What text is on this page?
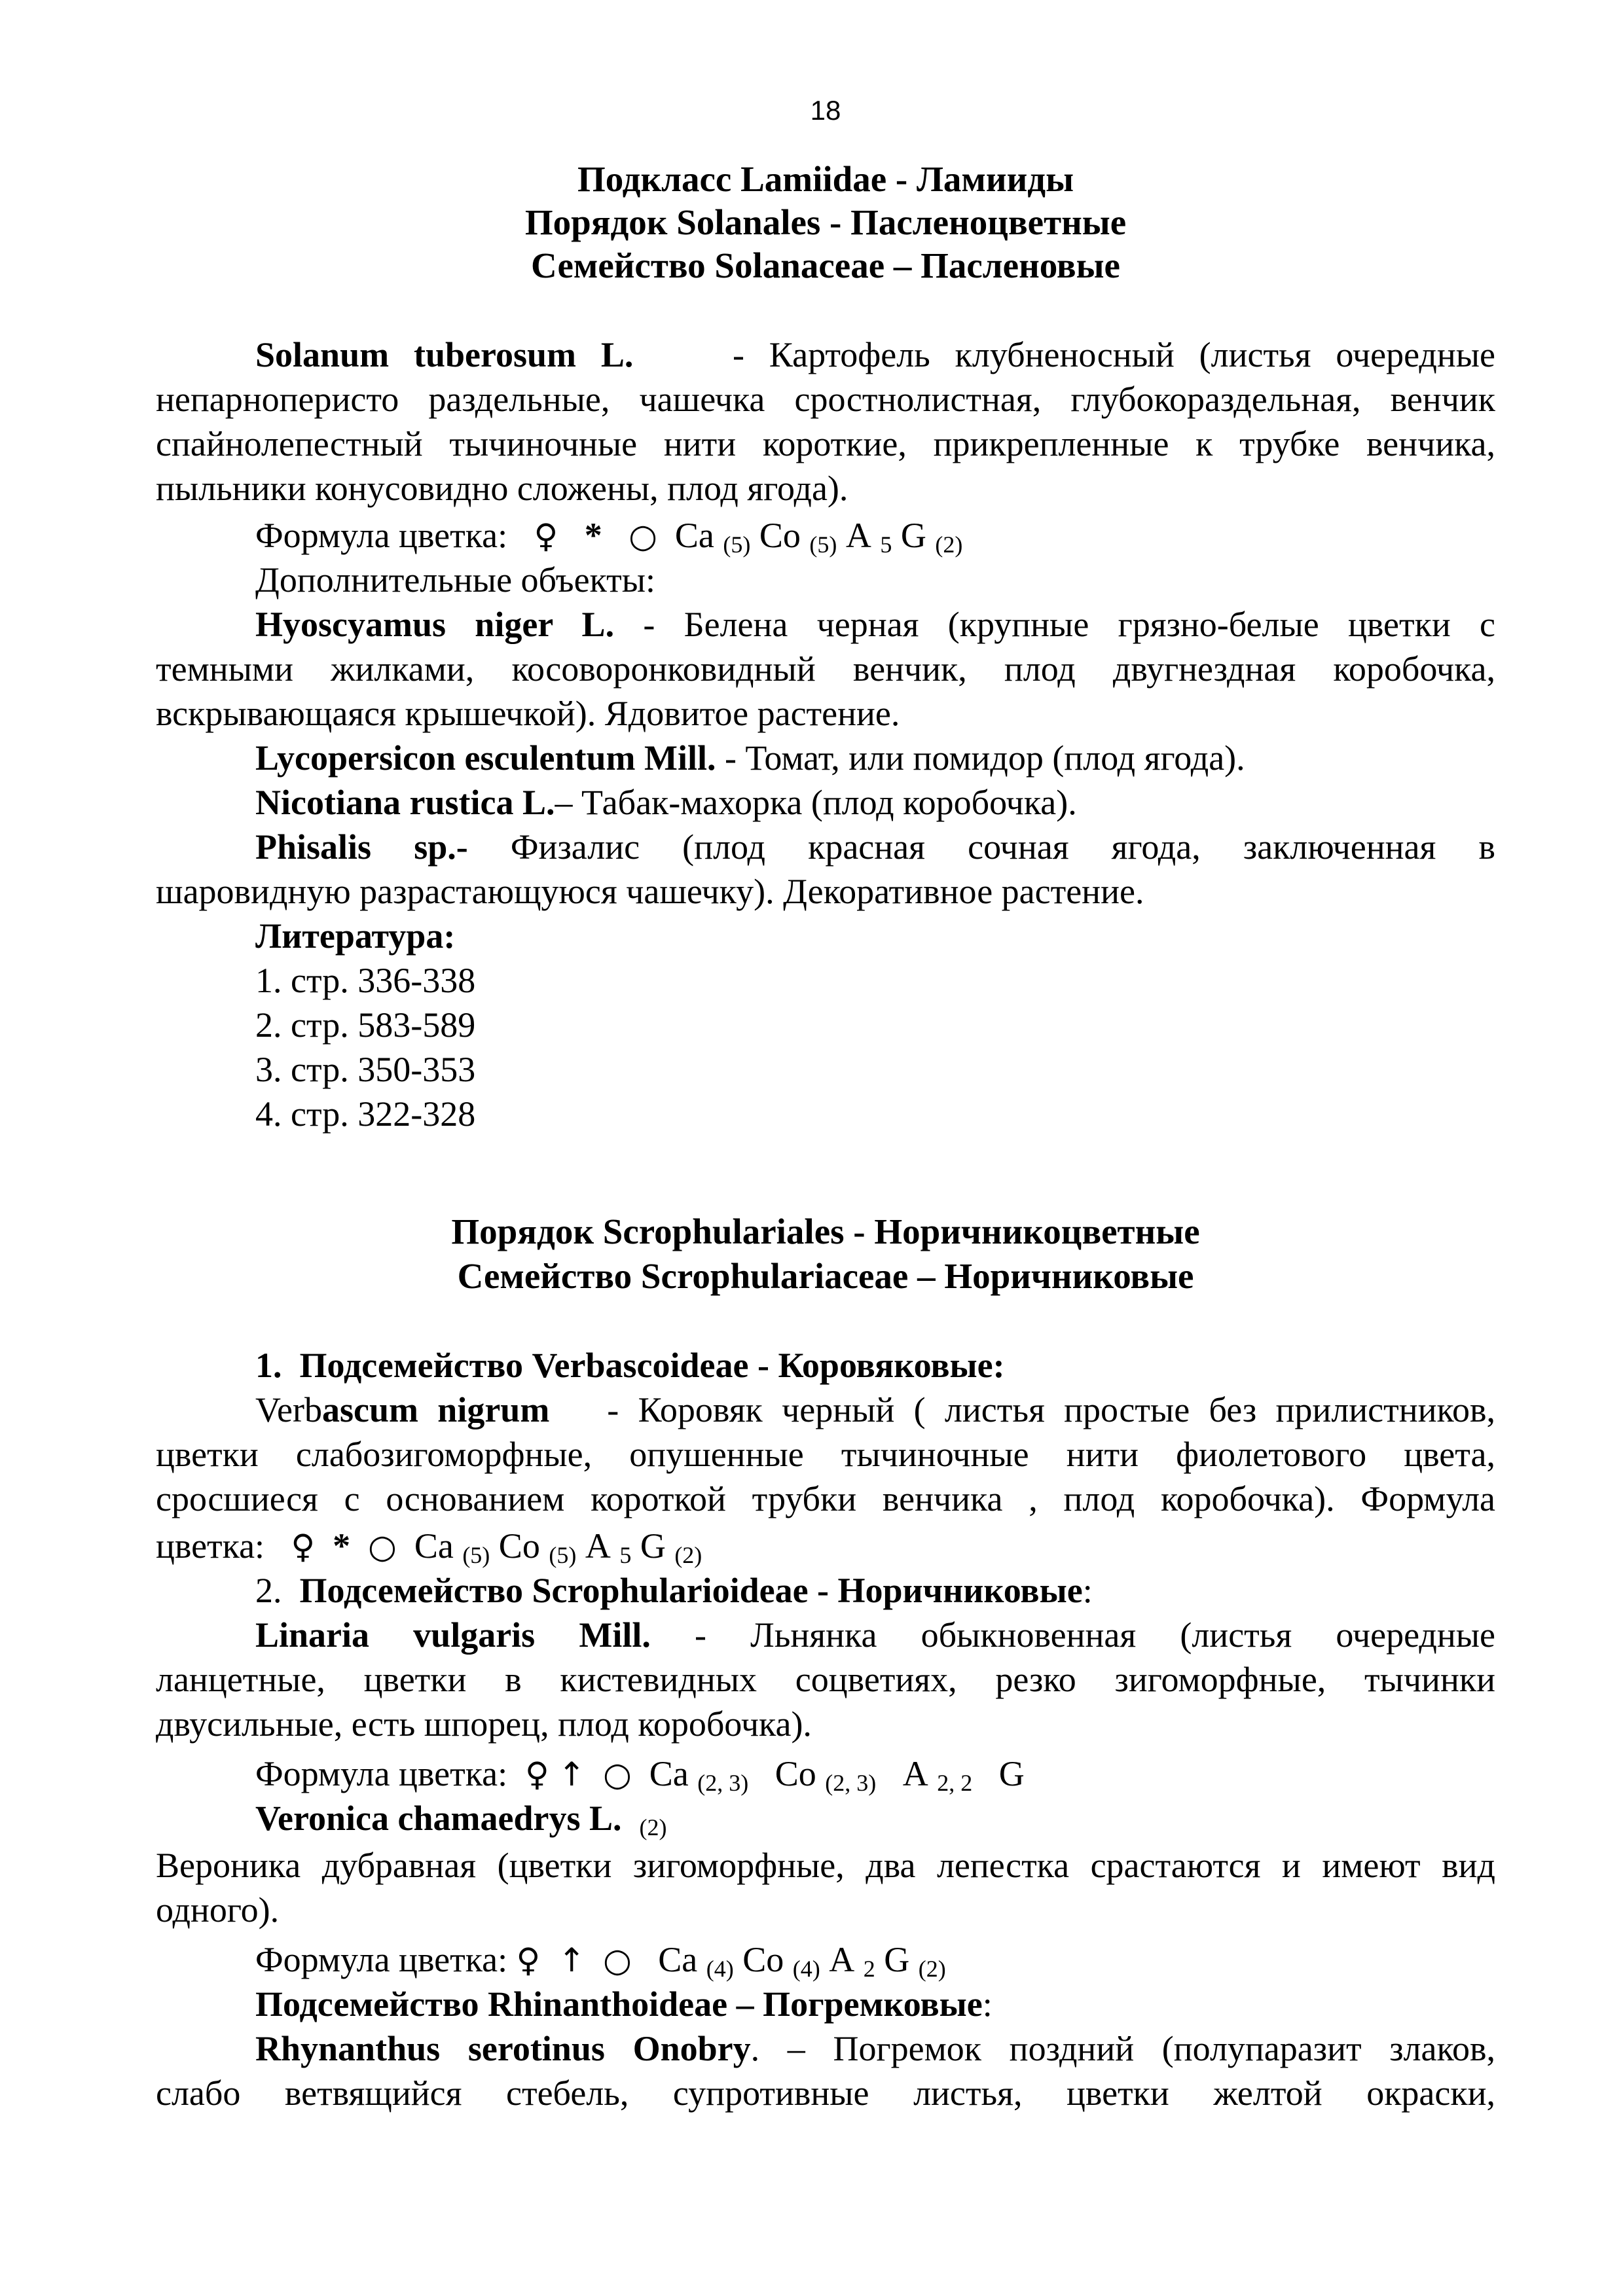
18
Подкласс Lamiidae - Ламииды
Порядок Solanales - Пасленоцветные
Семейство Solanaceae – Пасленовые
Solanum tuberosum L.	- Картофель клубненосный (листья очередные
непарноперисто раздельные, чашечка сростнолистная, глубокораздельная, венчик
спайнолепестный тычиночные нити короткие, прикрепленные к трубке венчика,
пыльники конусовидно сложены, плод ягода).
Формула цветка: ♀ * ○ Ca $_{(5)}$ Co $_{(5)}$ A $_5$ G $_{(2)}$
Дополнительные объекты:
Hyoscyamus niger L. - Белена черная (крупные грязно-белые цветки с
темными жилками, косоворонковидный венчик, плод двугнездная коробочка,
вскрывающаяся крышечкой). Ядовитое растение.
Lycopersicon esculentum Mill. - Томат, или помидор (плод ягода).
Nicotiana rustica L.– Табак-махорка (плод коробочка).
Phisalis sp.- Физалис (плод красная сочная ягода, заключенная в
шаровидную разрастающуюся чашечку). Декоративное растение.
Литература:
1. стр. 336-338
2. стр. 583-589
3. стр. 350-353
4. стр. 322-328
Порядок Scrophulariales - Норичникоцветные
Семейство Scrophulariaceae – Норичниковые
1. Подсемейство Verbascoideae - Коровяковые:
Verbascum nigrum - Коровяк черный ( листья простые без прилистников,
цветки слабозигоморфные, опушенные тычиночные нити фиолетового цвета,
сросшиеся с основанием короткой трубки венчика , плод коробочка). Формула
цветка: ♀ * ○ Ca $_{(5)}$ Co $_{(5)}$ A $_5$ G $_{(2)}$
2. Подсемейство Scrophularioideae - Норичниковые:
Linaria vulgaris Mill. - Льнянка обыкновенная (листья очередные
ланцетные, цветки в кистевидных соцветиях, резко зигоморфные, тычинки
двусильные, есть шпорец, плод коробочка).
Формула цветка: ♀ ↑ ○ Ca $_{(2, 3)}$ Co $_{(2, 3)}$ A $_{2, 2}$ G
Veronica chamaedrys L. $_{(2)}$
Вероника дубравная (цветки зигоморфные, два лепестка срастаются и имеют вид
одного).
Формула цветка: ♀ ↑ ○ Ca $_{(4)}$ Co $_{(4)}$ A $_2$ G $_{(2)}$
Подсемейство Rhinanthoideae – Погремковые:
Rhynanthus serotinus Onobry. – Погремок поздний (полупаразит злаков,
слабо ветвящийся стебель, супротивные листья, цветки желтой окраски,
